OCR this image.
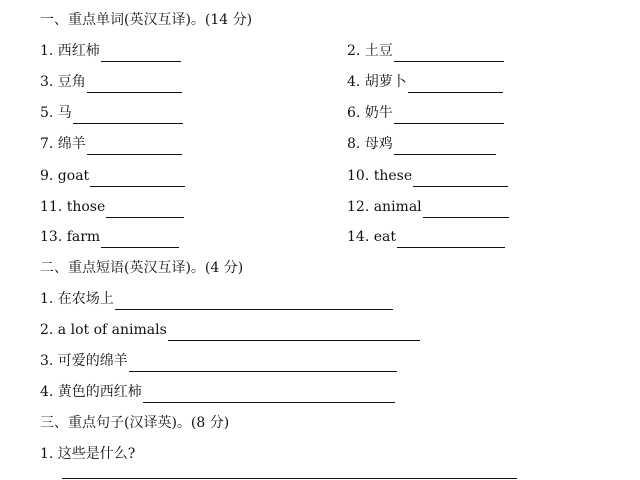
一、重点单词(英汉互译)。(14 分)
1. 西红柿	2. 土豆
3. 豆角	4. 胡萝卜
5. 马	6. 奶牛
7. 绵羊	8. 母鸡
9. goat	10. these
11. those	12. animal
13. farm	14. eat
二、重点短语(英汉互译)。(4 分)
1. 在农场上
2. a lot of animals
3. 可爱的绵羊
4. 黄色的西红柿
三、重点句子(汉译英)。(8 分)
1. 这些是什么?
